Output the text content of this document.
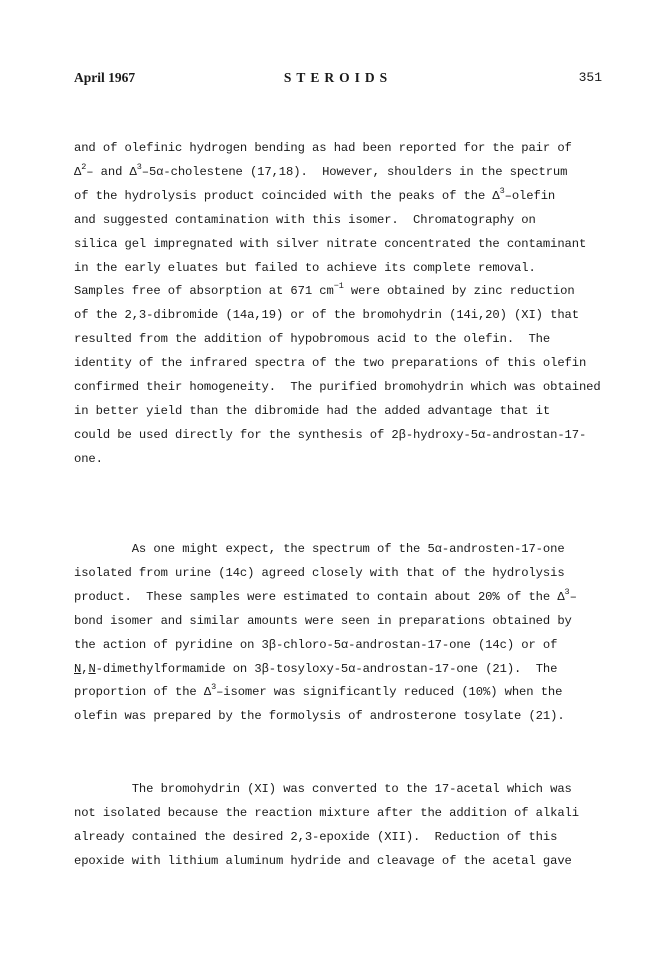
April 1967	STEROIDS	351
and of olefinic hydrogen bending as had been reported for the pair of
$\Delta^2-$ and $\Delta^3-5\alpha$-cholestene (17,18).  However, shoulders in the spectrum
of the hydrolysis product coincided with the peaks of the $\Delta^3$–olefin
and suggested contamination with this isomer.  Chromatography on
silica gel impregnated with silver nitrate concentrated the contaminant
in the early eluates but failed to achieve its complete removal.
Samples free of absorption at 671 $cm^{-1}$ were obtained by zinc reduction
of the 2,3-dibromide (14a,19) or of the bromohydrin (14i,20) (XI) that
resulted from the addition of hypobromous acid to the olefin.  The
identity of the infrared spectra of the two preparations of this olefin
confirmed their homogeneity.  The purified bromohydrin which was obtained
in better yield than the dibromide had the added advantage that it
could be used directly for the synthesis of 2β-hydroxy-5α-androstan-17-
one.
As one might expect, the spectrum of the 5α-androsten-17-one
isolated from urine (14c) agreed closely with that of the hydrolysis
product.  These samples were estimated to contain about 20% of the $\Delta^3-$
bond isomer and similar amounts were seen in preparations obtained by
the action of pyridine on 3β-chloro-5α-androstan-17-one (14c) or of
N,N-dimethylformamide on 3β-tosyloxy-5α-androstan-17-one (21).  The
proportion of the $\Delta^3$–isomer was significantly reduced (10%) when the
olefin was prepared by the formolysis of androsterone tosylate (21).
The bromohydrin (XI) was converted to the 17-acetal which was
not isolated because the reaction mixture after the addition of alkali
already contained the desired 2,3-epoxide (XII).  Reduction of this
epoxide with lithium aluminum hydride and cleavage of the acetal gave
